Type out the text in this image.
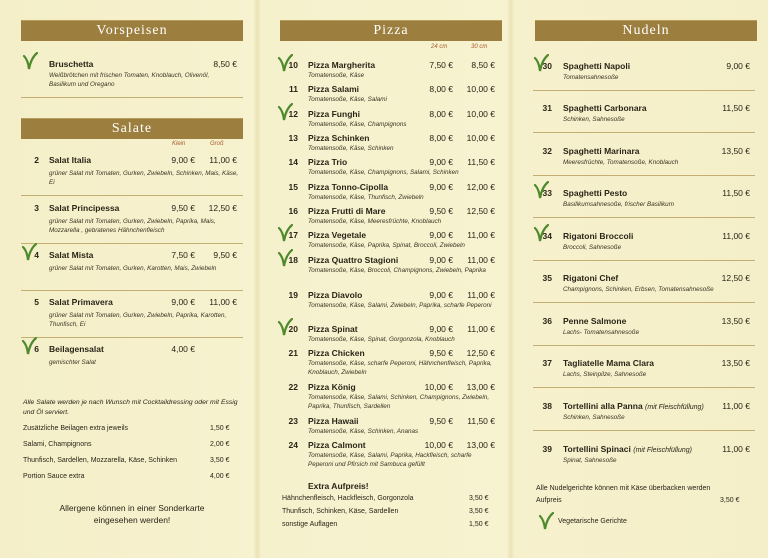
Vorspeisen
Bruschetta	8,50 €
Weißbrötchen mit frischen Tomaten, Knoblauch, Olivenöl, Basilikum und Oregano
Salate
Klein	Groß
2 Salat Italia	9,00 €	11,00 €
grüner Salat mit Tomaten, Gurken, Zwiebeln, Schinken, Mais, Käse, Ei
3 Salat Principessa	9,50 €	12,50 €
grüner Salat mit Tomaten, Gurken, Zwiebeln, Paprika, Mais, Mozzarella , gebratenes Hähnchenfleisch
4 Salat Mista	7,50 €	9,50 €
grüner Salat mit Tomaten, Gurken, Karotten, Mais, Zwiebeln
5 Salat Primavera	9,00 €	11,00 €
grüner Salat mit Tomaten, Gurken, Zwiebeln, Paprika, Karotten, Thunfisch, Ei
6 Beilagensalat	4,00 €
gemischter Salat
Alle Salate werden je nach Wunsch mit Cocktaildressing oder mit Essig und Öl serviert.
Zusätzliche Beilagen extra jeweils	1,50 €
Salami, Champignons	2,00 €
Thunfisch, Sardellen, Mozzarella, Käse, Schinken	3,50 €
Portion Sauce extra	4,00 €
Allergene können in einer Sonderkarte eingesehen werden!
Pizza
24 cm	30 cm
10 Pizza Margherita	7,50 €	8,50 €
Tomatensoße, Käse
11 Pizza Salami	8,00 €	10,00 €
Tomatensoße, Käse, Salami
12 Pizza Funghi	8,00 €	10,00 €
Tomatensoße, Käse, Champignons
13 Pizza Schinken	8,00 €	10,00 €
Tomatensoße, Käse, Schinken
14 Pizza Trio	9,00 €	11,50 €
Tomatensoße, Käse, Champignons, Salami, Schinken
15 Pizza Tonno-Cipolla	9,00 €	12,00 €
Tomatensoße, Käse, Thunfisch, Zwiebeln
16 Pizza Frutti di Mare	9,50 €	12,50 €
Tomatensoße, Käse, Meeresfrüchte, Knoblauch
17 Pizza Vegetale	9,00 €	11,00 €
Tomatensoße, Käse, Paprika, Spinat, Broccoli, Zwiebeln
18 Pizza Quattro Stagioni	9,00 €	11,00 €
Tomatensoße, Käse, Broccoli, Champignons, Zwiebeln, Paprika
19 Pizza Diavolo	9,00 €	11,00 €
Tomatensoße, Käse, Salami, Zwiebeln, Paprika, scharfe Peperoni
20 Pizza Spinat	9,00 €	11,00 €
Tomatensoße, Käse, Spinat, Gorgonzola, Knoblauch
21 Pizza Chicken	9,50 €	12,50 €
Tomatensoße, Käse, scharfe Peperoni, Hähnchenfleisch, Paprika, Knoblauch, Zwiebeln
22 Pizza König	10,00 €	13,00 €
Tomatensoße, Käse, Salami, Schinken, Champignons, Zwiebeln, Paprika, Thunfisch, Sardellen
23 Pizza Hawaii	9,50 €	11,50 €
Tomatensoße, Käse, Schinken, Ananas
24 Pizza Calmont	10,00 €	13,00 €
Tomatensoße, Käse, Salami, Paprika, Hackfleisch, scharfe Peperoni und Pfirsich mit Sambuca gefüllt
Extra Aufpreis!
Hähnchenfleisch, Hackfleisch, Gorgonzola	3,50 €
Thunfisch, Schinken, Käse, Sardellen	3,50 €
sonstige Auflagen	1,50 €
Nudeln
30 Spaghetti Napoli	9,00 €
Tomatensahnesoße
31 Spaghetti Carbonara	11,50 €
Schinken, Sahnesoße
32 Spaghetti Marinara	13,50 €
Meeresfrüchte, Tomatensoße, Knoblauch
33 Spaghetti Pesto	11,50 €
Basilikumsahnesoße, frischer Basilikum
34 Rigatoni Broccoli	11,00 €
Broccoli, Sahnesoße
35 Rigatoni Chef	12,50 €
Champignons, Schinken, Erbsen, Tomatensahnesoße
36 Penne Salmone	13,50 €
Lachs- Tomatensahnesoße
37 Tagliatelle Mama Clara	13,50 €
Lachs, Steinpilze, Sahnesoße
38 Tortellini alla Panna (mit Fleischfüllung)	11,00 €
Schinken, Sahnesoße
39 Tortellini Spinaci (mit Fleischfüllung)	11,00 €
Spinat, Sahnesoße
Alle Nudelgerichte können mit Käse überbacken werden
Aufpreis	3,50 €
Vegetarische Gerichte
